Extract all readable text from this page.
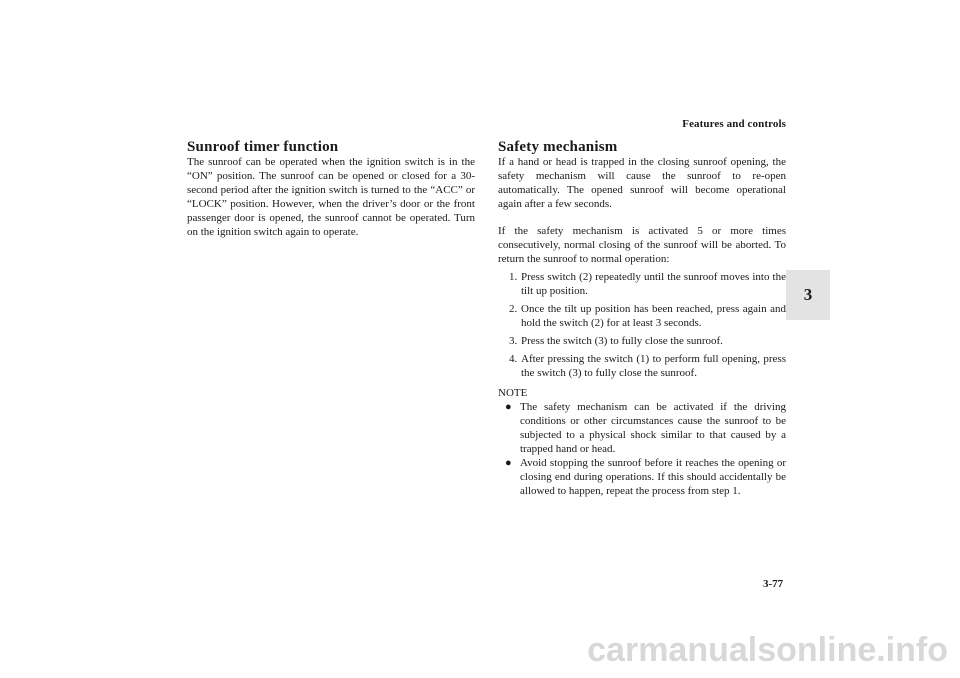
Features and controls
3
Sunroof timer function

The sunroof can be operated when the ignition switch is in the “ON” position. The sunroof can be opened or closed for a 30-second period after the ignition switch is turned to the “ACC” or “LOCK” position. However, when the driver’s door or the front passenger door is opened, the sunroof cannot be operated. Turn on the ignition switch again to operate.

Safety mechanism

If a hand or head is trapped in the closing sunroof opening, the safety mechanism will cause the sunroof to re-open automatically. The opened sunroof will become operational again after a few seconds.

If the safety mechanism is activated 5 or more times consecutively, normal closing of the sunroof will be aborted. To return the sunroof to normal operation:

1. Press switch (2) repeatedly until the sunroof moves into the tilt up position.
2. Once the tilt up position has been reached, press again and hold the switch (2) for at least 3 seconds.
3. Press the switch (3) to fully close the sunroof.
4. After pressing the switch (1) to perform full opening, press the switch (3) to fully close the sunroof.

NOTE

● The safety mechanism can be activated if the driving conditions or other circumstances cause the sunroof to be subjected to a physical shock similar to that caused by a trapped hand or head.
● Avoid stopping the sunroof before it reaches the opening or closing end during operations. If this should accidentally be allowed to happen, repeat the process from step 1.
3-77
carmanualsonline.info
